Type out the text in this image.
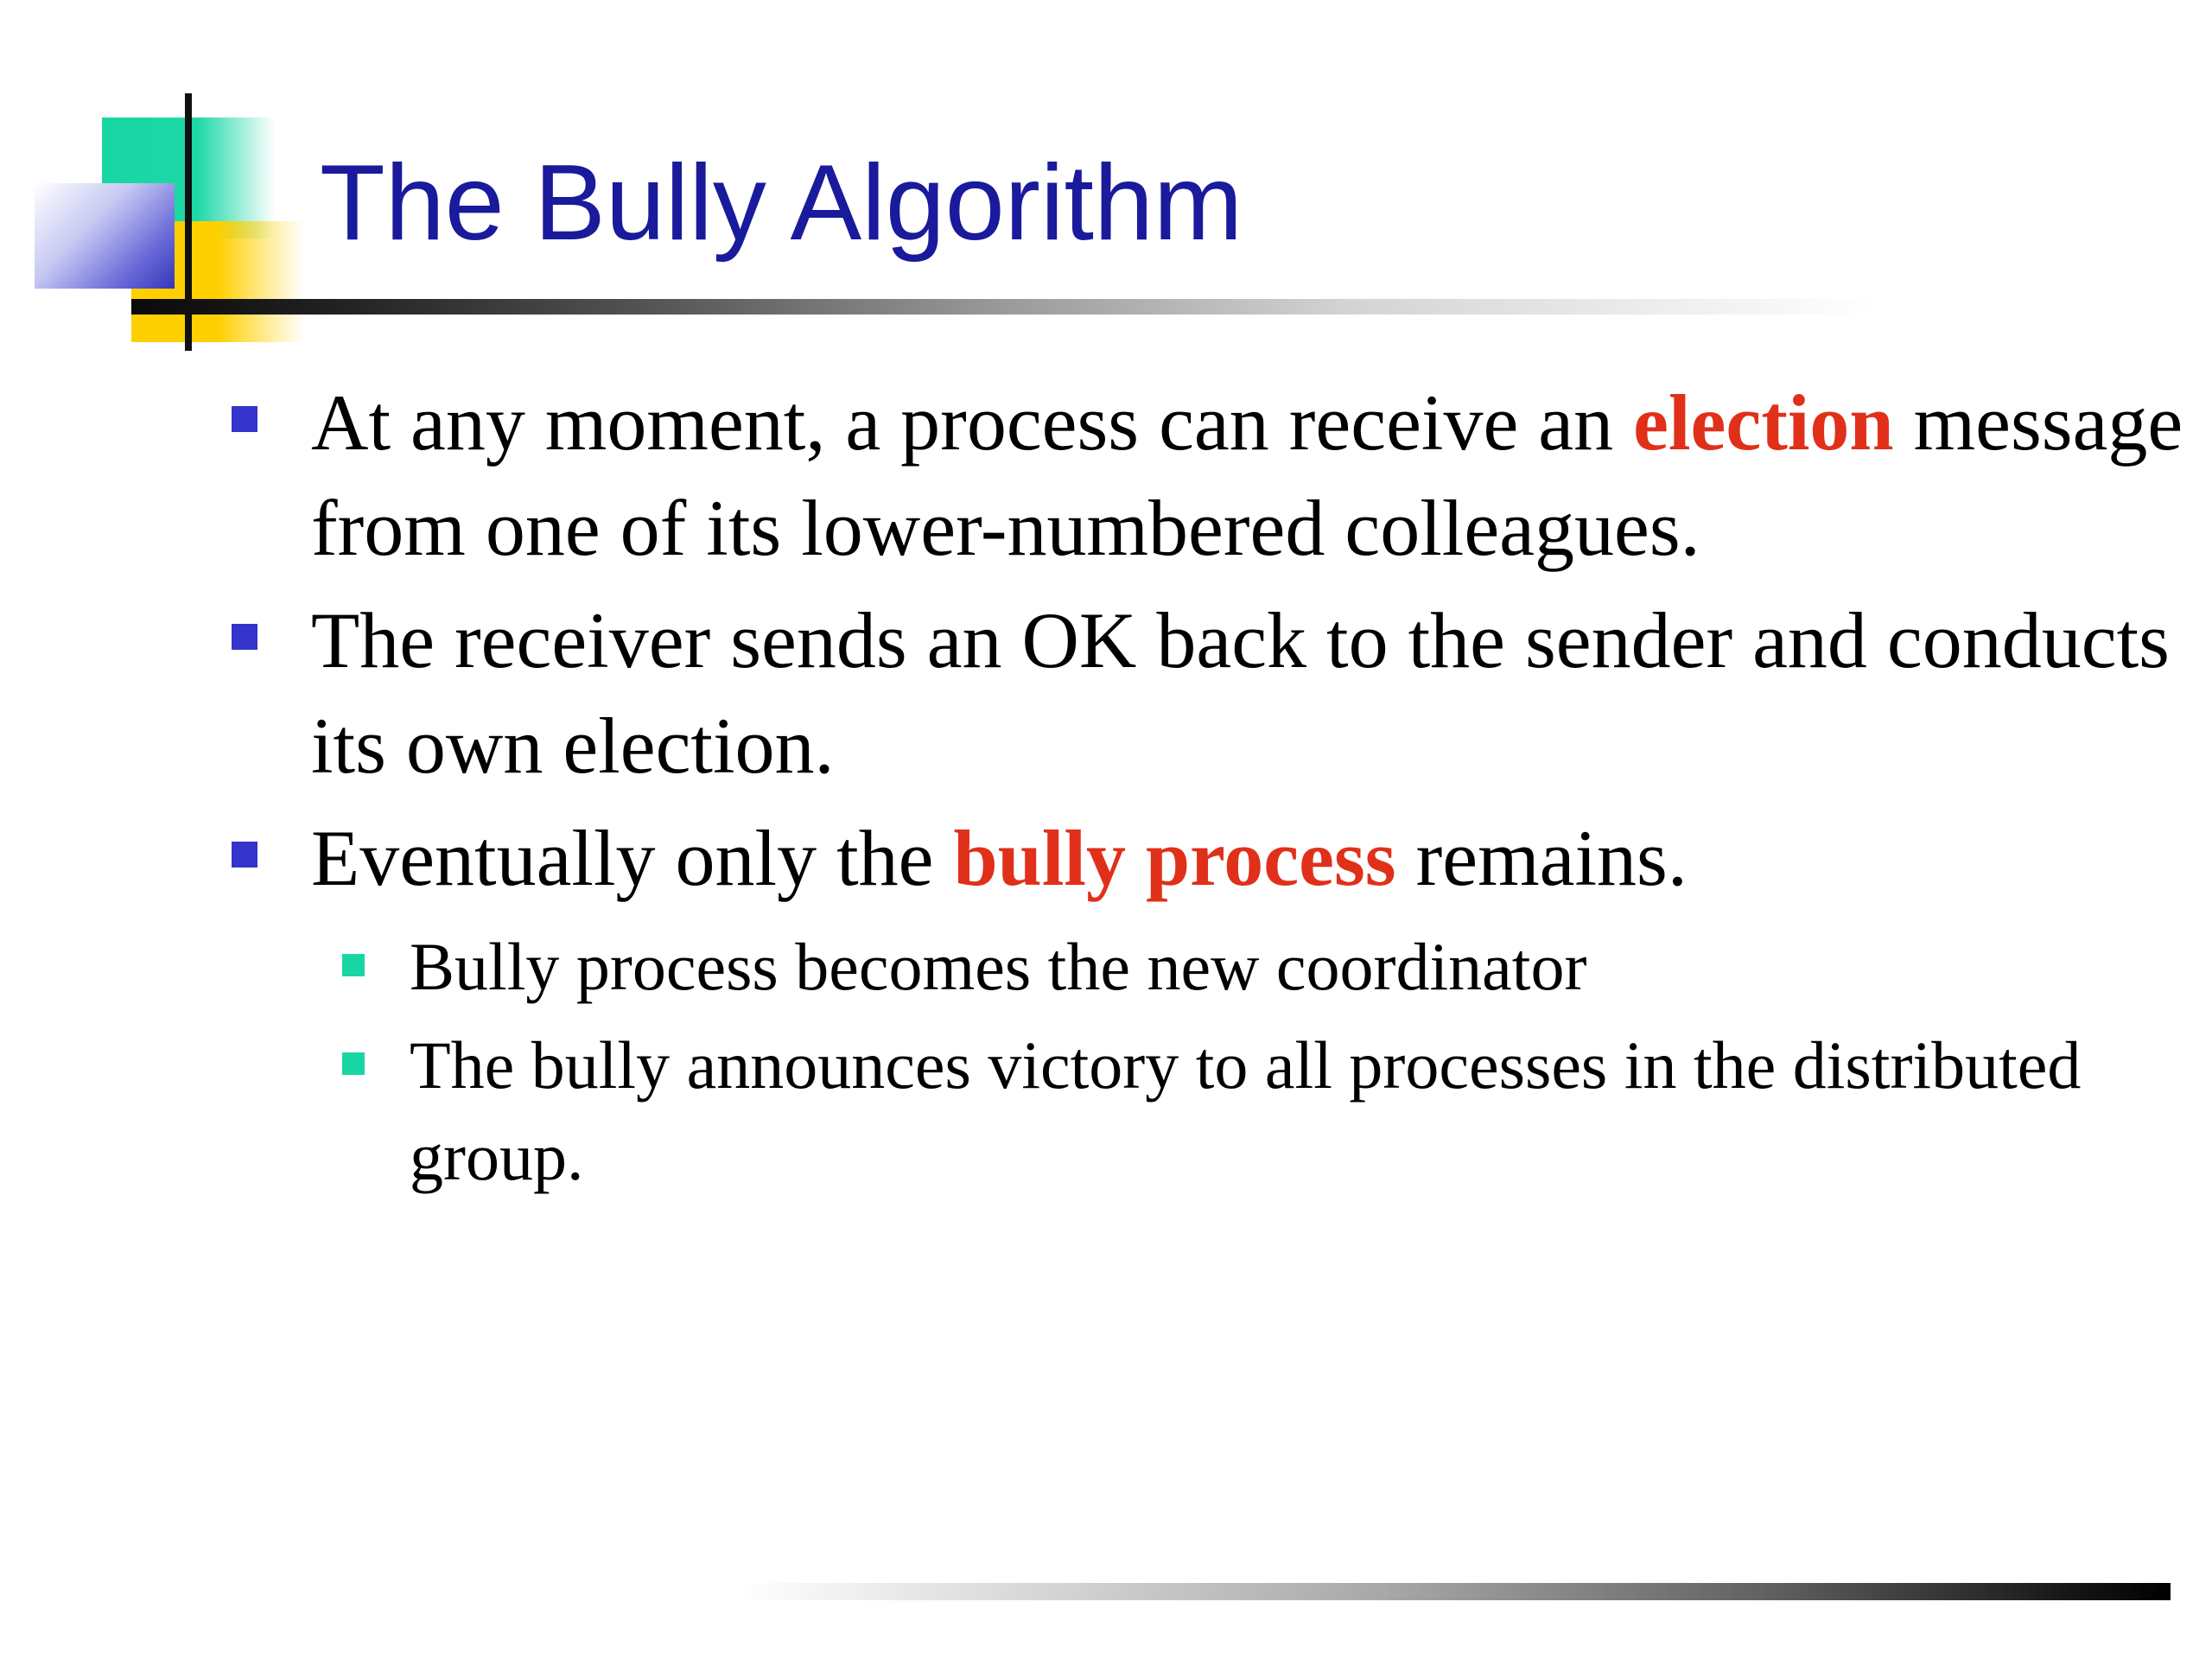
The Bully Algorithm
At any moment, a process can receive an election message from one of its lower-numbered colleagues.
The receiver sends an OK back to the sender and conducts its own election.
Eventually only the bully process remains.
Bully process becomes the new coordinator
The bully announces victory to all processes in the distributed group.
